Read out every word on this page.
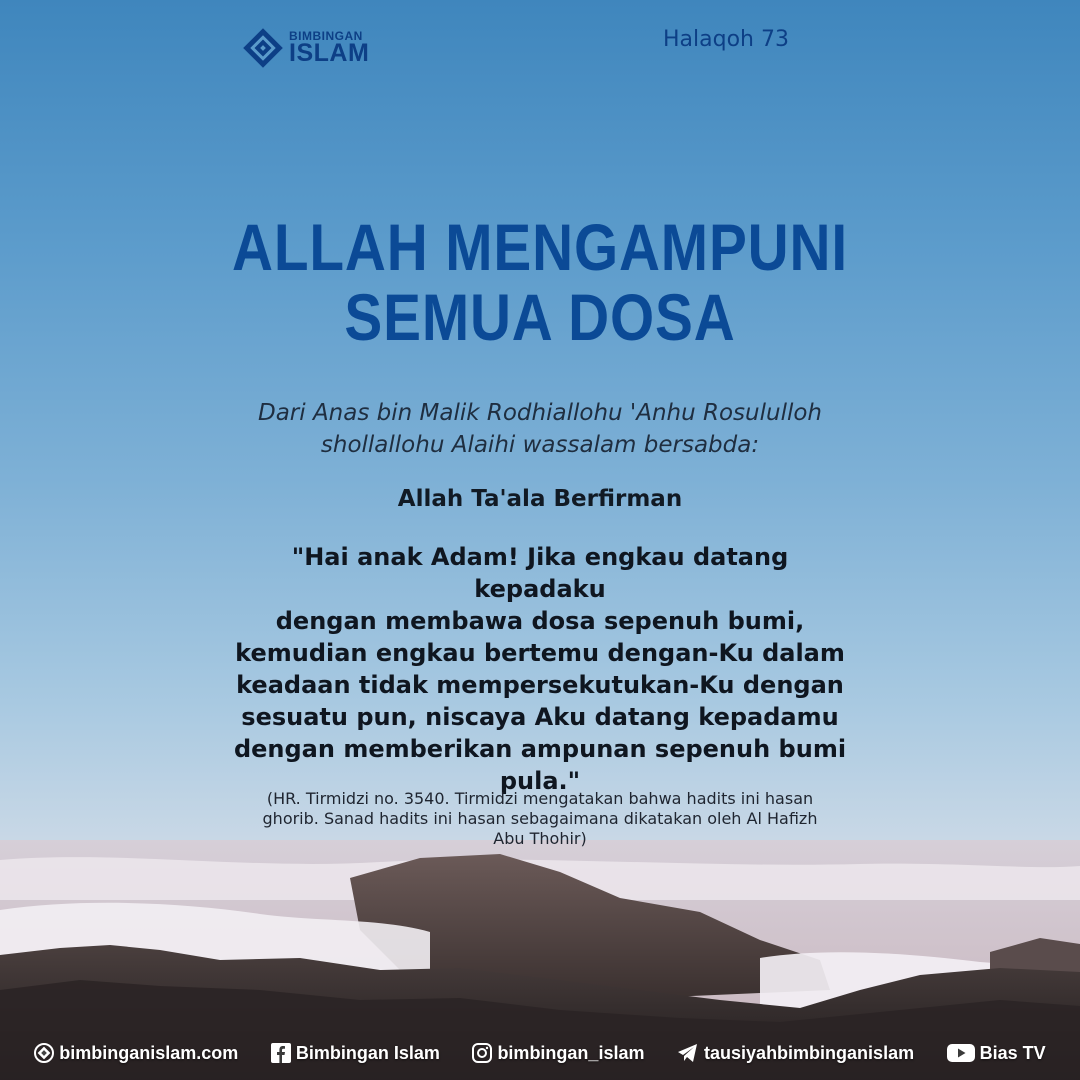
BIMBINGAN
ISLAM	Halaqoh 73
ALLAH MENGAMPUNI
SEMUA DOSA
Dari Anas bin Malik Rodhiallohu 'Anhu Rosululloh
shollallohu Alaihi wassalam bersabda:
Allah Ta'ala Berfirman
"Hai anak Adam! Jika engkau datang kepadaku
dengan membawa dosa sepenuh bumi,
kemudian engkau bertemu dengan-Ku dalam
keadaan tidak mempersekutukan-Ku dengan
sesuatu pun, niscaya Aku datang kepadamu
dengan memberikan ampunan sepenuh bumi
pula."
(HR. Tirmidzi no. 3540. Tirmidzi mengatakan bahwa hadits ini hasan
ghorib. Sanad hadits ini hasan sebagaimana dikatakan oleh Al Hafizh
Abu Thohir)
bimbinganislam.com	Bimbingan Islam	bimbingan_islam	tausiyahbimbinganislam	Bias TV
